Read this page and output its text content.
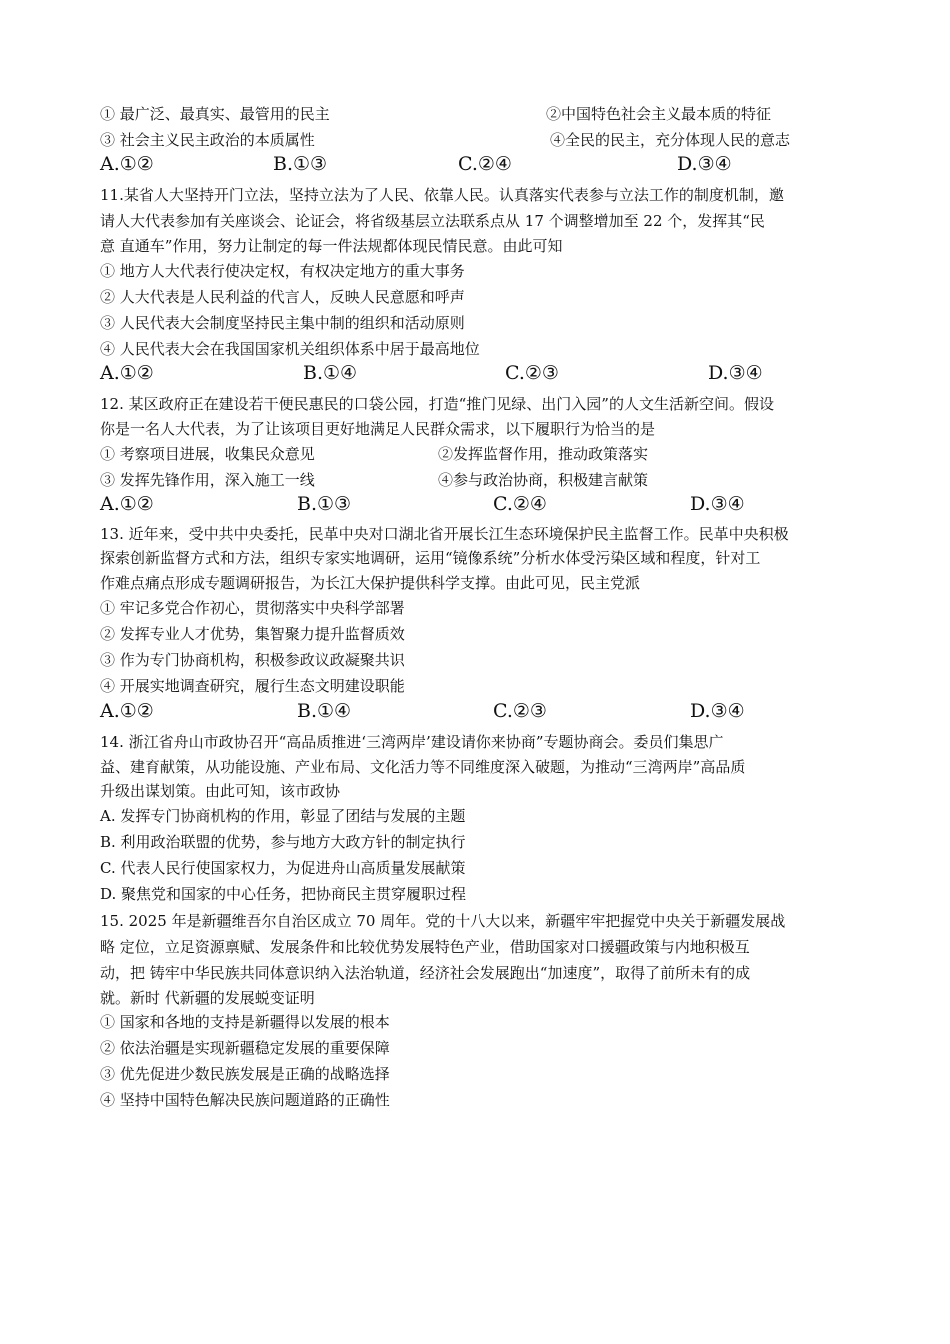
① 最广泛、最真实、最管用的民主	②中国特色社会主义最本质的特征
③ 社会主义民主政治的本质属性	④全民的民主，充分体现人民的意志
A.①②	B.①③	C.②④	D.③④
11.某省人大坚持开门立法，坚持立法为了人民、依靠人民。认真落实代表参与立法工作的制度机制，邀
请人大代表参加有关座谈会、论证会，将省级基层立法联系点从 17 个调整增加至 22 个，发挥其“民
意 直通车”作用，努力让制定的每一件法规都体现民情民意。由此可知
① 地方人大代表行使决定权，有权决定地方的重大事务
② 人大代表是人民利益的代言人，反映人民意愿和呼声
③ 人民代表大会制度坚持民主集中制的组织和活动原则
④ 人民代表大会在我国国家机关组织体系中居于最高地位
A.①②	B.①④	C.②③	D.③④
12. 某区政府正在建设若干便民惠民的口袋公园，打造“推门见绿、出门入园”的人文生活新空间。假设
你是一名人大代表，为了让该项目更好地满足人民群众需求，以下履职行为恰当的是
① 考察项目进展，收集民众意见	②发挥监督作用，推动政策落实
③ 发挥先锋作用，深入施工一线	④参与政治协商，积极建言献策
A.①②	B.①③	C.②④	D.③④
13. 近年来，受中共中央委托，民革中央对口湖北省开展长江生态环境保护民主监督工作。民革中央积极
探索创新监督方式和方法，组织专家实地调研，运用“镜像系统”分析水体受污染区域和程度，针对工
作难点痛点形成专题调研报告，为长江大保护提供科学支撑。由此可见，民主党派
① 牢记多党合作初心，贯彻落实中央科学部署
② 发挥专业人才优势，集智聚力提升监督质效
③ 作为专门协商机构，积极参政议政凝聚共识
④ 开展实地调查研究，履行生态文明建设职能
A.①②	B.①④	C.②③	D.③④
14. 浙江省舟山市政协召开“高品质推进‘三湾两岸’建设请你来协商”专题协商会。委员们集思广
益、建育献策，从功能设施、产业布局、文化活力等不同维度深入破题，为推动“三湾两岸”高品质
升级出谋划策。由此可知，该市政协
A. 发挥专门协商机构的作用，彰显了团结与发展的主题
B. 利用政治联盟的优势，参与地方大政方针的制定执行
C. 代表人民行使国家权力，为促进舟山高质量发展献策
D. 聚焦党和国家的中心任务，把协商民主贯穿履职过程
15. 2025 年是新疆维吾尔自治区成立 70 周年。党的十八大以来，新疆牢牢把握党中央关于新疆发展战
略 定位，立足资源禀赋、发展条件和比较优势发展特色产业，借助国家对口援疆政策与内地积极互
动，把 铸牢中华民族共同体意识纳入法治轨道，经济社会发展跑出“加速度”，取得了前所未有的成
就。新时 代新疆的发展蜕变证明
① 国家和各地的支持是新疆得以发展的根本
② 依法治疆是实现新疆稳定发展的重要保障
③ 优先促进少数民族发展是正确的战略选择
④ 坚持中国特色解决民族问题道路的正确性
